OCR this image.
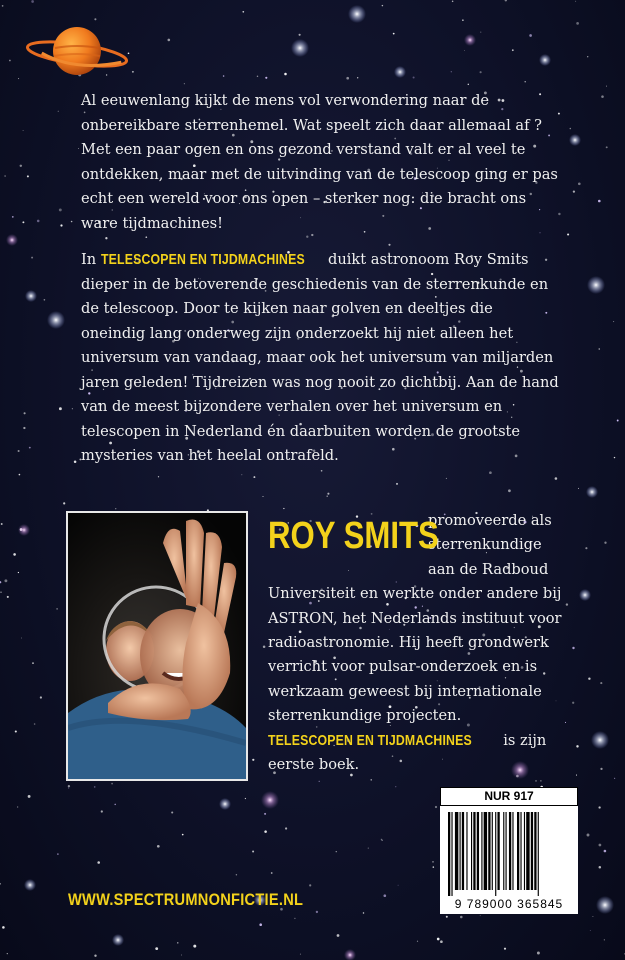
Al eeuwenlang kijkt de mens vol verwondering naar de onbereikbare sterrenhemel. Wat speelt zich daar allemaal af ? Met een paar ogen en ons gezond verstand valt er al veel te ontdekken, maar met de uitvinding van de telescoop ging er pas echt een wereld voor ons open – sterker nog: die bracht ons ware tijdmachines!

In TELESCOPEN EN TIJDMACHINES duikt astronoom Roy Smits dieper in de betoverende geschiedenis van de sterrenkunde en de telescoop. Door te kijken naar golven en deeltjes die oneindig lang onderweg zijn onderzoekt hij niet alleen het universum van vandaag, maar ook het universum van miljarden jaren geleden! Tijdreizen was nog nooit zo dichtbij. Aan de hand van de meest bijzondere verhalen over het universum en telescopen in Nederland én daarbuiten worden de grootste mysteries van het heelal ontrafeld.

ROY SMITS
promoveerde als sterrenkundige aan de Radboud Universiteit en werkte onder andere bij ASTRON, het Nederlands instituut voor radioastronomie. Hij heeft grondwerk verricht voor pulsar-onderzoek en is werkzaam geweest bij internationale sterrenkundige projecten. TELESCOPEN EN TIJDMACHINES is zijn eerste boek.
NUR 917
9 789000 365845
WWW.SPECTRUMNONFICTIE.NL
